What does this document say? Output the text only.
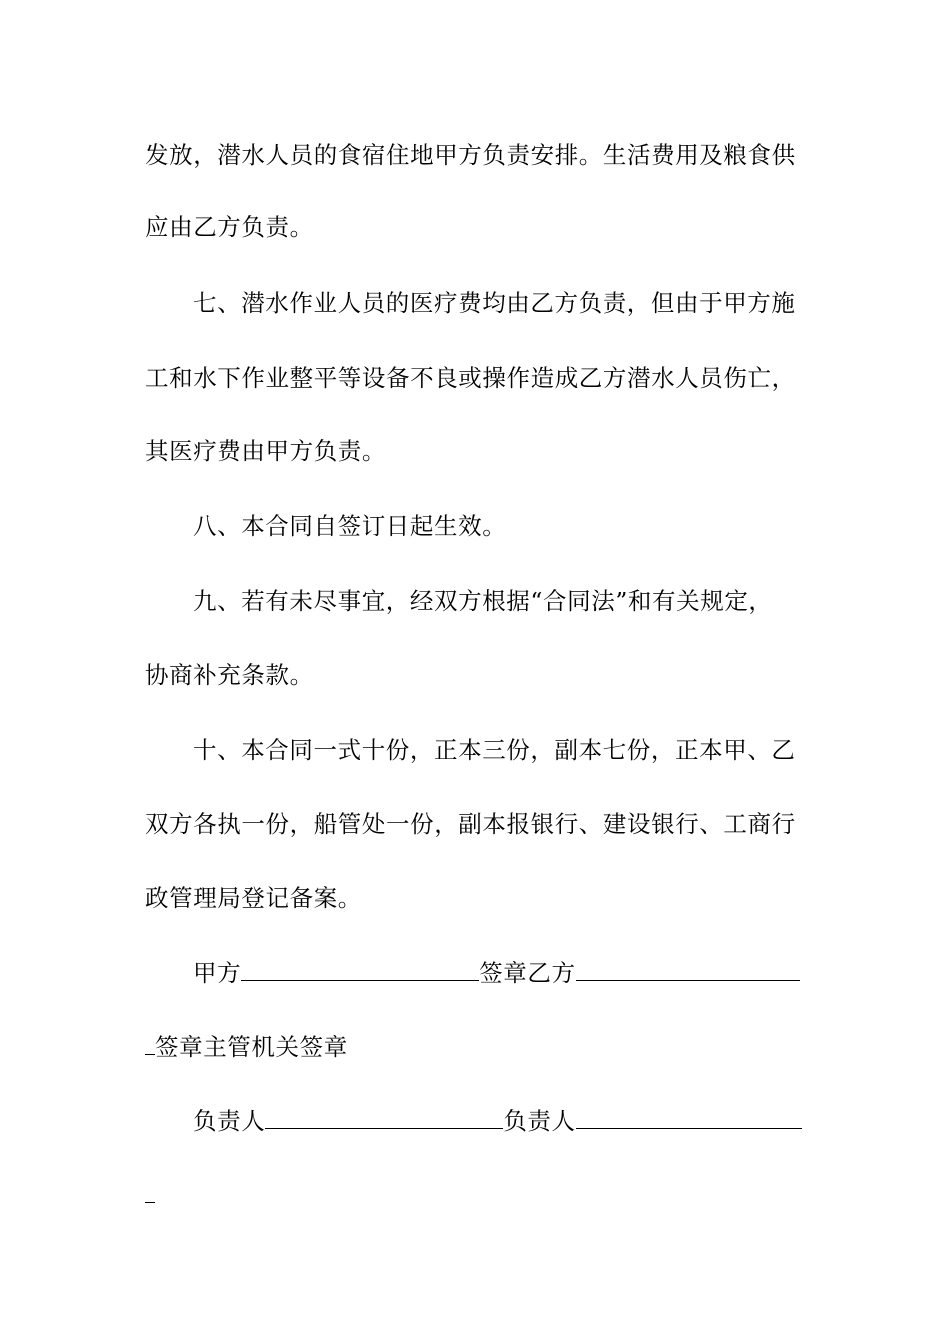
发放，潜水人员的食宿住地甲方负责安排。生活费用及粮食供
应由乙方负责。
七、潜水作业人员的医疗费均由乙方负责，但由于甲方施
工和水下作业整平等设备不良或操作造成乙方潜水人员伤亡，
其医疗费由甲方负责。
八、本合同自签订日起生效。
九、若有未尽事宜，经双方根据“合同法”和有关规定，
协商补充条款。
十、本合同一式十份，正本三份，副本七份，正本甲、乙
双方各执一份，船管处一份，副本报银行、建设银行、工商行
政管理局登记备案。
甲方	签章乙方
签章主管机关签章
负责人	负责人
